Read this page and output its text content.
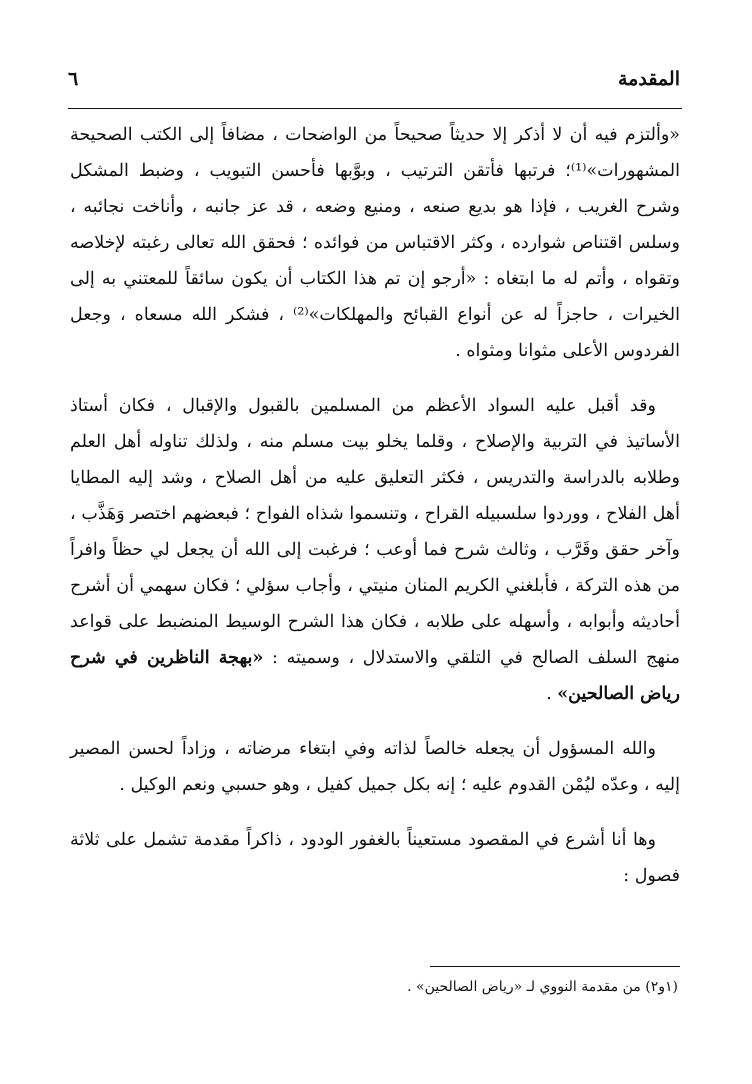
المقدمة
٦

«وألتزم فيه أن لا أذكر إلا حديثاً صحيحاً من الواضحات ، مضافاً إلى الكتب الصحيحة المشهورات»⁽¹⁾؛ فرتبها فأتقن الترتيب ، وبوَّبها فأحسن التبويب ، وضبط المشكل وشرح الغريب ، فإذا هو بديع صنعه ، ومنيع وضعه ، قد عز جانبه ، وأناخت نجائبه ، وسلس اقتناص شوارده ، وكثر الاقتباس من فوائده ؛ فحقق الله تعالى رغبته لإخلاصه وتقواه ، وأتم له ما ابتغاه : «أرجو إن تم هذا الكتاب أن يكون سائقاً للمعتني به إلى الخيرات ، حاجزاً له عن أنواع القبائح والمهلكات»⁽²⁾ ، فشكر الله مسعاه ، وجعل الفردوس الأعلى مثوانا ومثواه .

وقد أقبل عليه السواد الأعظم من المسلمين بالقبول والإقبال ، فكان أستاذ الأساتيذ في التربية والإصلاح ، وقلما يخلو بيت مسلم منه ، ولذلك تناوله أهل العلم وطلابه بالدراسة والتدريس ، فكثر التعليق عليه من أهل الصلاح ، وشد إليه المطايا أهل الفلاح ، ووردوا سلسبيله القراح ، وتنسموا شذاه الفواح ؛ فبعضهم اختصر وَهَذَّب ، وآخر حقق وقَرَّب ، وثالث شرح فما أوعب ؛ فرغبت إلى الله أن يجعل لي حظاً وافراً من هذه التركة ، فأبلغني الكريم المنان منيتي ، وأجاب سؤلي ؛ فكان سهمي أن أشرح أحاديثه وأبوابه ، وأسهله على طلابه ، فكان هذا الشرح الوسيط المنضبط على قواعد منهج السلف الصالح في التلقي والاستدلال ، وسميته : «بهجة الناظرين في شرح رياض الصالحين» .

والله المسؤول أن يجعله خالصاً لذاته وفي ابتغاء مرضاته ، وزاداً لحسن المصير إليه ، وعدّه ليُمْن القدوم عليه ؛ إنه بكل جميل كفيل ، وهو حسبي ونعم الوكيل .

وها أنا أشرع في المقصود مستعيناً بالغفور الودود ، ذاكراً مقدمة تشمل على ثلاثة فصول :

(١و٢) من مقدمة النووي لـ «رياض الصالحين» .
